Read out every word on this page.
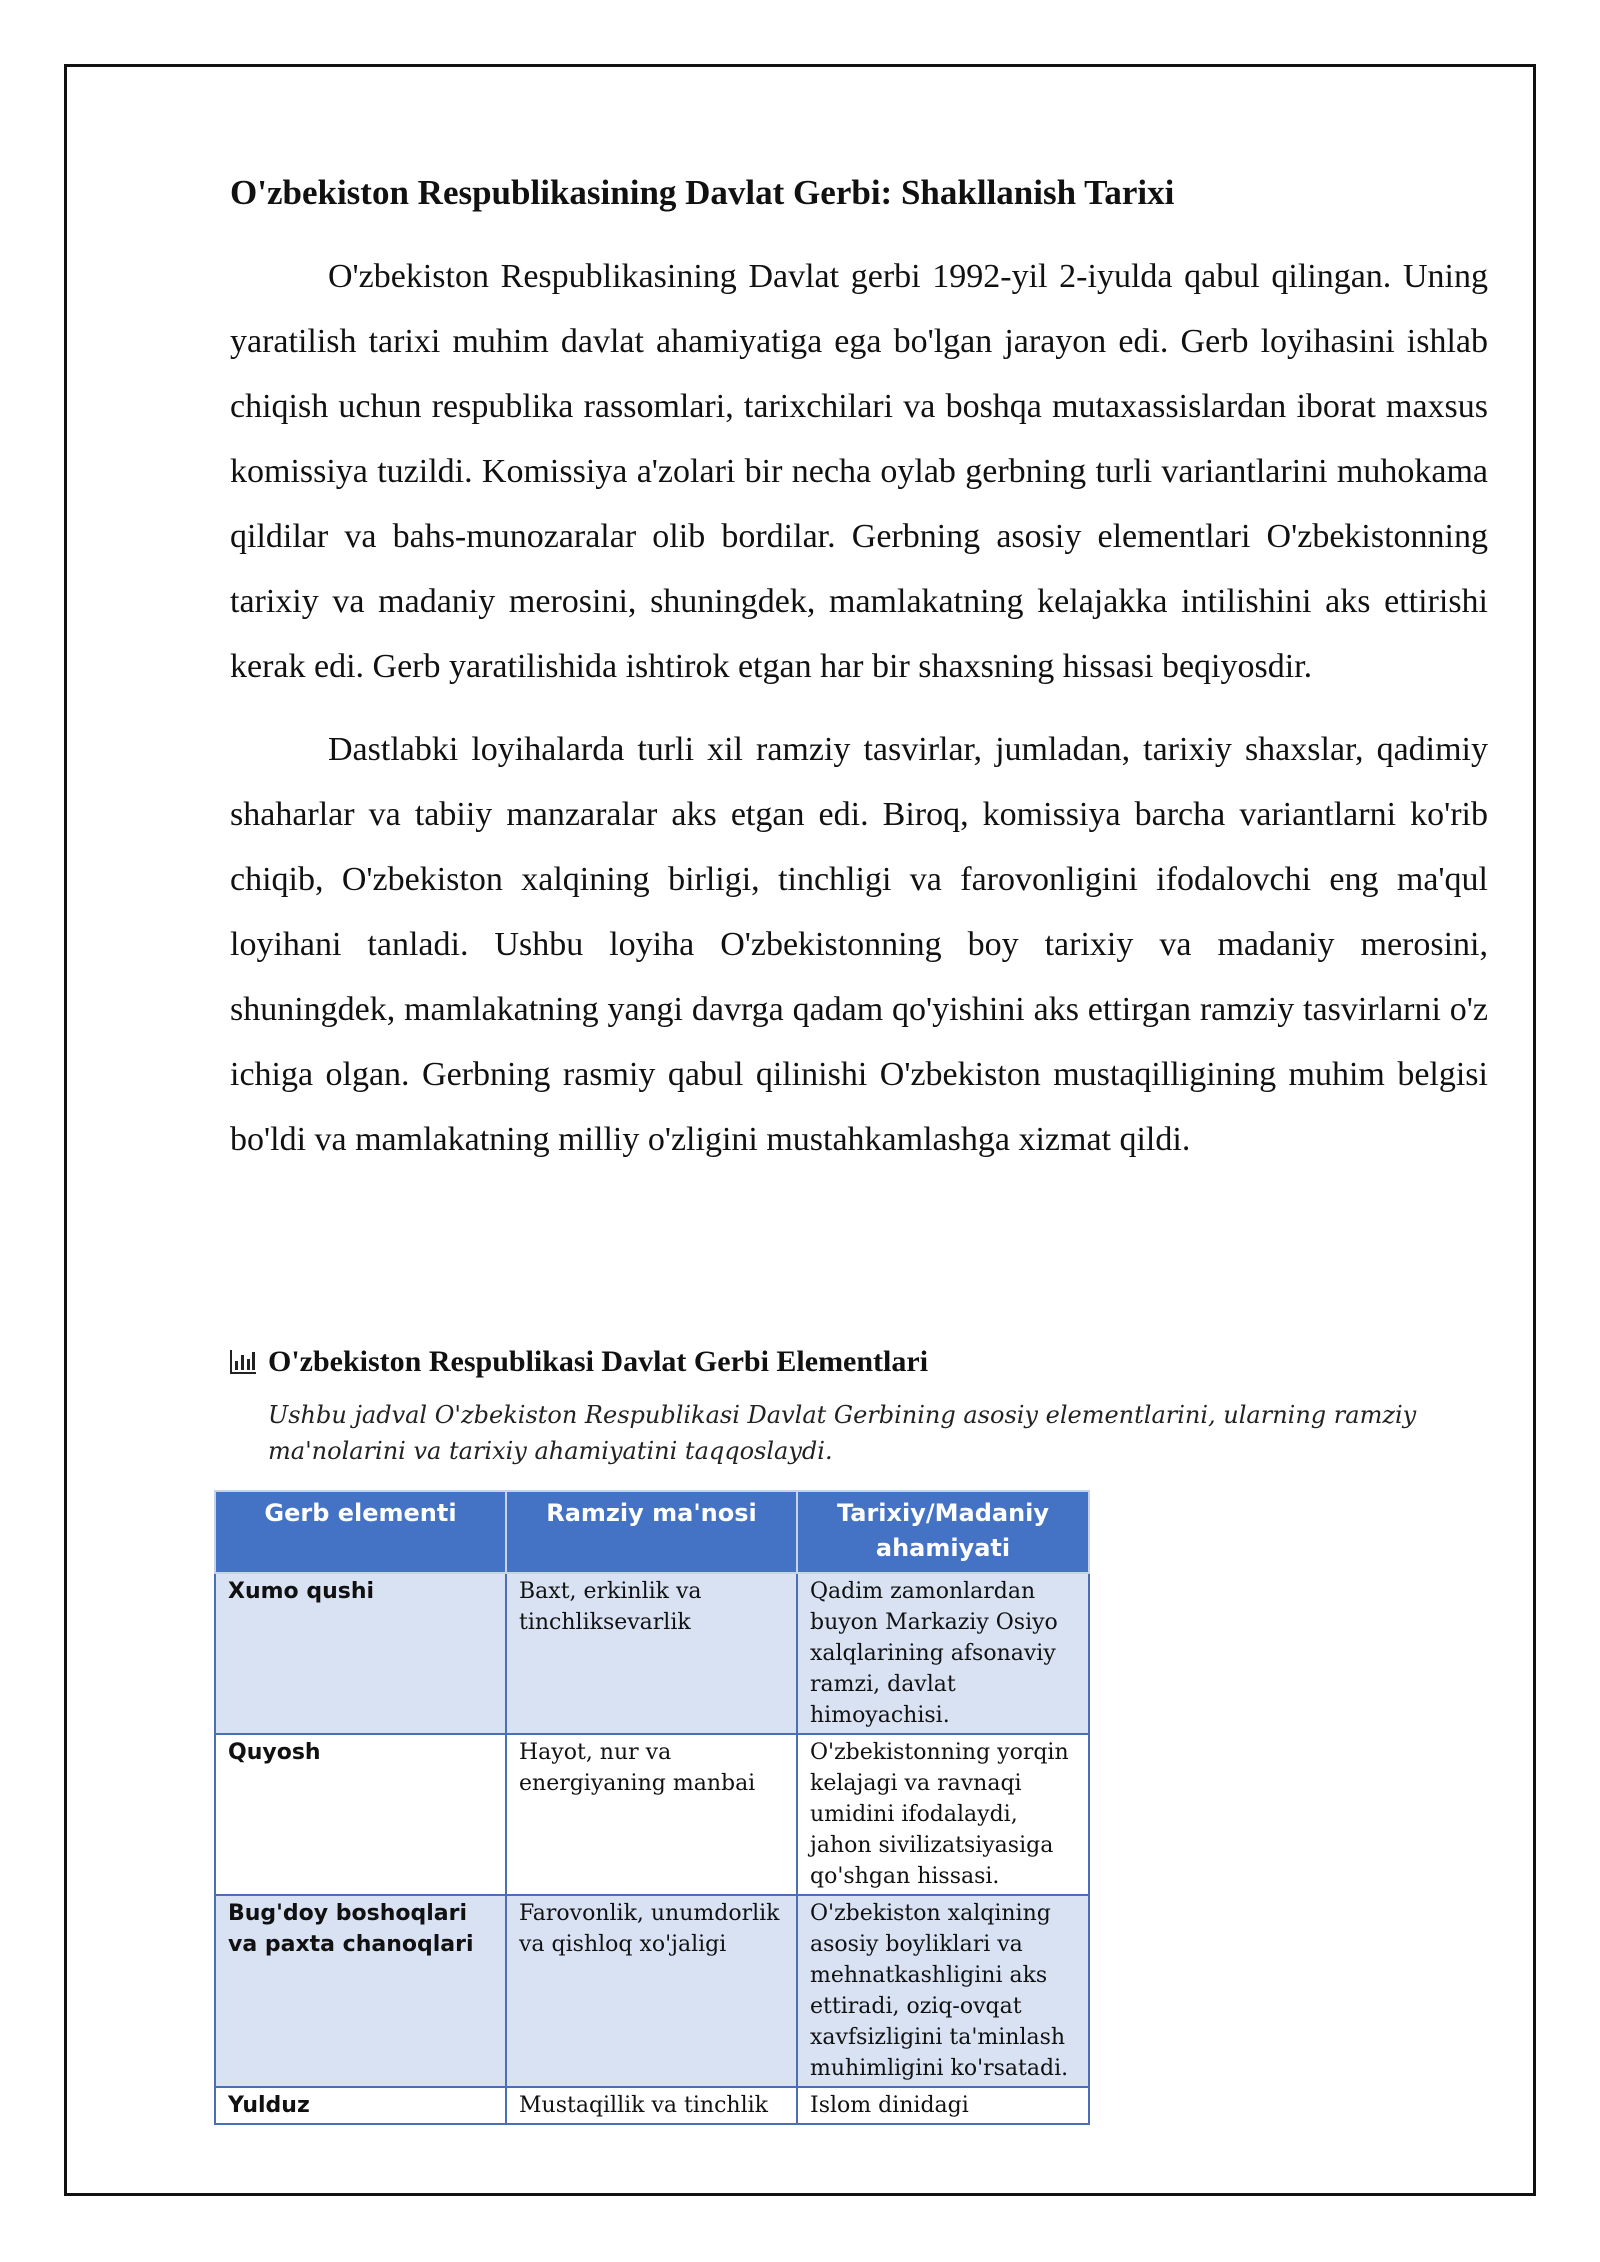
O'zbekiston Respublikasining Davlat Gerbi: Shakllanish Tarixi

O'zbekiston Respublikasining Davlat gerbi 1992-yil 2-iyulda qabul qilingan. Uning yaratilish tarixi muhim davlat ahamiyatiga ega bo'lgan jarayon edi. Gerb loyihasini ishlab chiqish uchun respublika rassomlari, tarixchilari va boshqa mutaxassislardan iborat maxsus komissiya tuzildi. Komissiya a'zolari bir necha oylab gerbning turli variantlarini muhokama qildilar va bahs-munozaralar olib bordilar. Gerbning asosiy elementlari O'zbekistonning tarixiy va madaniy merosini, shuningdek, mamlakatning kelajakka intilishini aks ettirishi kerak edi. Gerb yaratilishida ishtirok etgan har bir shaxsning hissasi beqiyosdir.

Dastlabki loyihalarda turli xil ramziy tasvirlar, jumladan, tarixiy shaxslar, qadimiy shaharlar va tabiiy manzaralar aks etgan edi. Biroq, komissiya barcha variantlarni ko'rib chiqib, O'zbekiston xalqining birligi, tinchligi va farovonligini ifodalovchi eng ma'qul loyihani tanladi. Ushbu loyiha O'zbekistonning boy tarixiy va madaniy merosini, shuningdek, mamlakatning yangi davrga qadam qo'yishini aks ettirgan ramziy tasvirlarni o'z ichiga olgan. Gerbning rasmiy qabul qilinishi O'zbekiston mustaqilligining muhim belgisi bo'ldi va mamlakatning milliy o'zligini mustahkamlashga xizmat qildi.

O'zbekiston Respublikasi Davlat Gerbi Elementlari
Ushbu jadval O'zbekiston Respublikasi Davlat Gerbining asosiy elementlarini, ularning ramziy ma'nolarini va tarixiy ahamiyatini taqqoslaydi.
Gerb elementi	Ramziy ma'nosi	Tarixiy/Madaniy ahamiyati
Xumo qushi	Baxt, erkinlik va tinchliksevarlik	Qadim zamonlardan buyon Markaziy Osiyo xalqlarining afsonaviy ramzi, davlat himoyachisi.
Quyosh	Hayot, nur va energiyaning manbai	O'zbekistonning yorqin kelajagi va ravnaqi umidini ifodalaydi, jahon sivilizatsiyasiga qo'shgan hissasi.
Bug'doy boshoqlari va paxta chanoqlari	Farovonlik, unumdorlik va qishloq xo'jaligi	O'zbekiston xalqining asosiy boyliklari va mehnatkashligini aks ettiradi, oziq-ovqat xavfsizligini ta'minlash muhimligini ko'rsatadi.
Yulduz	Mustaqillik va tinchlik	Islom dinidagi
